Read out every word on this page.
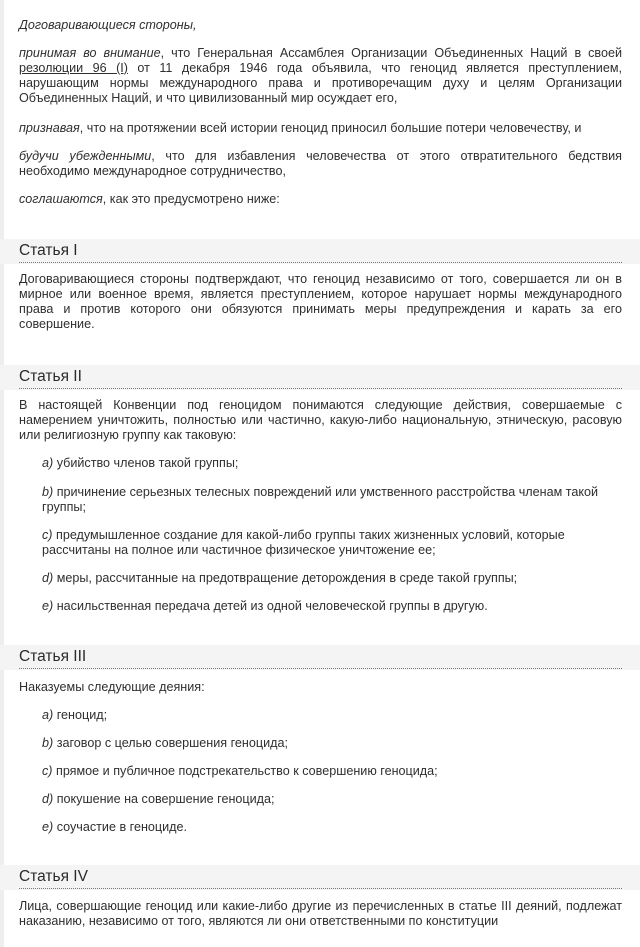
Договаривающиеся стороны,

принимая во внимание, что Генеральная Ассамблея Организации Объединенных Наций в своей резолюции 96 (I) от 11 декабря 1946 года объявила, что геноцид является преступлением, нарушающим нормы международного права и противоречащим духу и целям Организации Объединенных Наций, и что цивилизованный мир осуждает его,

признавая, что на протяжении всей истории геноцид приносил большие потери человечеству, и

будучи убежденными, что для избавления человечества от этого отвратительного бедствия необходимо международное сотрудничество,

соглашаются, как это предусмотрено ниже:

Статья I

Договаривающиеся стороны подтверждают, что геноцид независимо от того, совершается ли он в мирное или военное время, является преступлением, которое нарушает нормы международного права и против которого они обязуются принимать меры предупреждения и карать за его совершение.

Статья II

В настоящей Конвенции под геноцидом понимаются следующие действия, совершаемые с намерением уничтожить, полностью или частично, какую-либо национальную, этническую, расовую или религиозную группу как таковую:

a) убийство членов такой группы;

b) причинение серьезных телесных повреждений или умственного расстройства членам такой группы;

c) предумышленное создание для какой-либо группы таких жизненных условий, которые рассчитаны на полное или частичное физическое уничтожение ее;

d) меры, рассчитанные на предотвращение деторождения в среде такой группы;

e) насильственная передача детей из одной человеческой группы в другую.

Статья III

Наказуемы следующие деяния:

a) геноцид;

b) заговор с целью совершения геноцида;

c) прямое и публичное подстрекательство к совершению геноцида;

d) покушение на совершение геноцида;

e) соучастие в геноциде.

Статья IV

Лица, совершающие геноцид или какие-либо другие из перечисленных в статье III деяний, подлежат наказанию, независимо от того, являются ли они ответственными по конституции
